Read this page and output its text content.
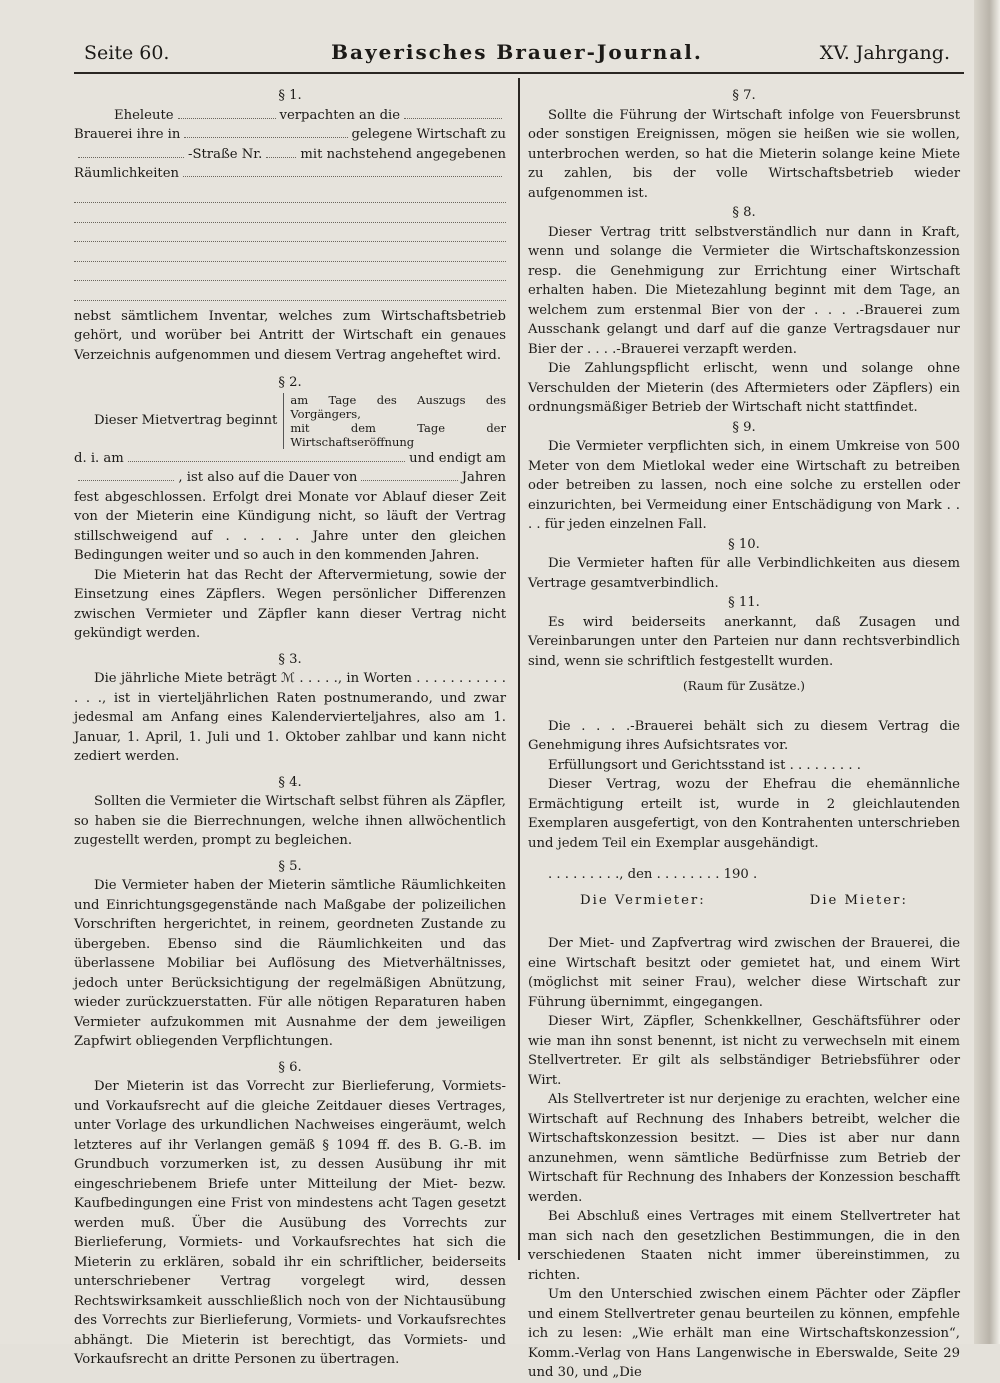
Seite 60.	Bayerisches Brauer-Journal.	XV. Jahrgang.
§ 1.
Eheleute	verpachten an die
Brauerei ihre in	gelegene Wirtschaft zu
-Straße Nr.	mit nachstehend angegebenen
Räumlichkeiten

nebst sämtlichem Inventar, welches zum Wirtschaftsbetrieb gehört, und worüber bei Antritt der Wirtschaft ein genaues Verzeichnis aufgenommen und diesem Vertrag angeheftet wird.

§ 2.
Dieser Mietvertrag beginnt
am Tage des Auszugs des Vorgängers,
mit dem Tage der Wirtschaftseröffnung
d. i. am	und endigt am
, ist also auf die Dauer von	Jahren

fest abgeschlossen. Erfolgt drei Monate vor Ablauf dieser Zeit von der Mieterin eine Kündigung nicht, so läuft der Vertrag stillschweigend auf . . . . . Jahre unter den gleichen Bedingungen weiter und so auch in den kommenden Jahren.

Die Mieterin hat das Recht der Aftervermietung, sowie der Einsetzung eines Zäpflers. Wegen persönlicher Differenzen zwischen Vermieter und Zäpfler kann dieser Vertrag nicht gekündigt werden.

§ 3.

Die jährliche Miete beträgt ℳ . . . . ., in Worten . . . . . . . . . . . . . ., ist in vierteljährlichen Raten postnumerando, und zwar jedesmal am Anfang eines Kalendervierteljahres, also am 1. Januar, 1. April, 1. Juli und 1. Oktober zahlbar und kann nicht zediert werden.

§ 4.

Sollten die Vermieter die Wirtschaft selbst führen als Zäpfler, so haben sie die Bierrechnungen, welche ihnen allwöchentlich zugestellt werden, prompt zu begleichen.

§ 5.

Die Vermieter haben der Mieterin sämtliche Räumlichkeiten und Einrichtungsgegenstände nach Maßgabe der polizeilichen Vorschriften hergerichtet, in reinem, geordneten Zustande zu übergeben. Ebenso sind die Räumlichkeiten und das überlassene Mobiliar bei Auflösung des Mietverhältnisses, jedoch unter Berücksichtigung der regelmäßigen Abnützung, wieder zurückzuerstatten. Für alle nötigen Reparaturen haben Vermieter aufzukommen mit Ausnahme der dem jeweiligen Zapfwirt obliegenden Verpflichtungen.

§ 6.

Der Mieterin ist das Vorrecht zur Bierlieferung, Vormiets- und Vorkaufsrecht auf die gleiche Zeitdauer dieses Vertrages, unter Vorlage des urkundlichen Nachweises eingeräumt, welch letzteres auf ihr Verlangen gemäß § 1094 ff. des B. G.-B. im Grundbuch vorzumerken ist, zu dessen Ausübung ihr mit eingeschriebenem Briefe unter Mitteilung der Miet- bezw. Kaufbedingungen eine Frist von mindestens acht Tagen gesetzt werden muß. Über die Ausübung des Vorrechts zur Bierlieferung, Vormiets- und Vorkaufsrechtes hat sich die Mieterin zu erklären, sobald ihr ein schriftlicher, beiderseits unterschriebener Vertrag vorgelegt wird, dessen Rechtswirksamkeit ausschließlich noch von der Nichtausübung des Vorrechts zur Bierlieferung, Vormiets- und Vorkaufsrechtes abhängt. Die Mieterin ist berechtigt, das Vormiets- und Vorkaufsrecht an dritte Personen zu übertragen.

§ 7.

Sollte die Führung der Wirtschaft infolge von Feuersbrunst oder sonstigen Ereignissen, mögen sie heißen wie sie wollen, unterbrochen werden, so hat die Mieterin solange keine Miete zu zahlen, bis der volle Wirtschaftsbetrieb wieder aufgenommen ist.

§ 8.

Dieser Vertrag tritt selbstverständlich nur dann in Kraft, wenn und solange die Vermieter die Wirtschaftskonzession resp. die Genehmigung zur Errichtung einer Wirtschaft erhalten haben. Die Mietezahlung beginnt mit dem Tage, an welchem zum erstenmal Bier von der . . . .-Brauerei zum Ausschank gelangt und darf auf die ganze Vertragsdauer nur Bier der . . . .-Brauerei verzapft werden.

Die Zahlungspflicht erlischt, wenn und solange ohne Verschulden der Mieterin (des Aftermieters oder Zäpflers) ein ordnungsmäßiger Betrieb der Wirtschaft nicht stattfindet.

§ 9.

Die Vermieter verpflichten sich, in einem Umkreise von 500 Meter von dem Mietlokal weder eine Wirtschaft zu betreiben oder betreiben zu lassen, noch eine solche zu erstellen oder einzurichten, bei Vermeidung einer Entschädigung von Mark . . . . für jeden einzelnen Fall.

§ 10.

Die Vermieter haften für alle Verbindlichkeiten aus diesem Vertrage gesamtverbindlich.

§ 11.

Es wird beiderseits anerkannt, daß Zusagen und Vereinbarungen unter den Parteien nur dann rechtsverbindlich sind, wenn sie schriftlich festgestellt wurden.

(Raum für Zusätze.)

Die . . . .-Brauerei behält sich zu diesem Vertrag die Genehmigung ihres Aufsichtsrates vor.

Erfüllungsort und Gerichtsstand ist . . . . . . . . .

Dieser Vertrag, wozu der Ehefrau die ehemännliche Ermächtigung erteilt ist, wurde in 2 gleichlautenden Exemplaren ausgefertigt, von den Kontrahenten unterschrieben und jedem Teil ein Exemplar ausgehändigt.

. . . . . . . . ., den . . . . . . . . 190 .

Die Vermieter:	Die Mieter:

Der Miet- und Zapfvertrag wird zwischen der Brauerei, die eine Wirtschaft besitzt oder gemietet hat, und einem Wirt (möglichst mit seiner Frau), welcher diese Wirtschaft zur Führung übernimmt, eingegangen.

Dieser Wirt, Zäpfler, Schenkkellner, Geschäftsführer oder wie man ihn sonst benennt, ist nicht zu verwechseln mit einem Stellvertreter. Er gilt als selbständiger Betriebsführer oder Wirt.

Als Stellvertreter ist nur derjenige zu erachten, welcher eine Wirtschaft auf Rechnung des Inhabers betreibt, welcher die Wirtschaftskonzession besitzt. — Dies ist aber nur dann anzunehmen, wenn sämtliche Bedürfnisse zum Betrieb der Wirtschaft für Rechnung des Inhabers der Konzession beschafft werden.

Bei Abschluß eines Vertrages mit einem Stellvertreter hat man sich nach den gesetzlichen Bestimmungen, die in den verschiedenen Staaten nicht immer übereinstimmen, zu richten.

Um den Unterschied zwischen einem Pächter oder Zäpfler und einem Stellvertreter genau beurteilen zu können, empfehle ich zu lesen: „Wie erhält man eine Wirtschaftskonzession“, Komm.-Verlag von Hans Langenwische in Eberswalde, Seite 29 und 30, und „Die
